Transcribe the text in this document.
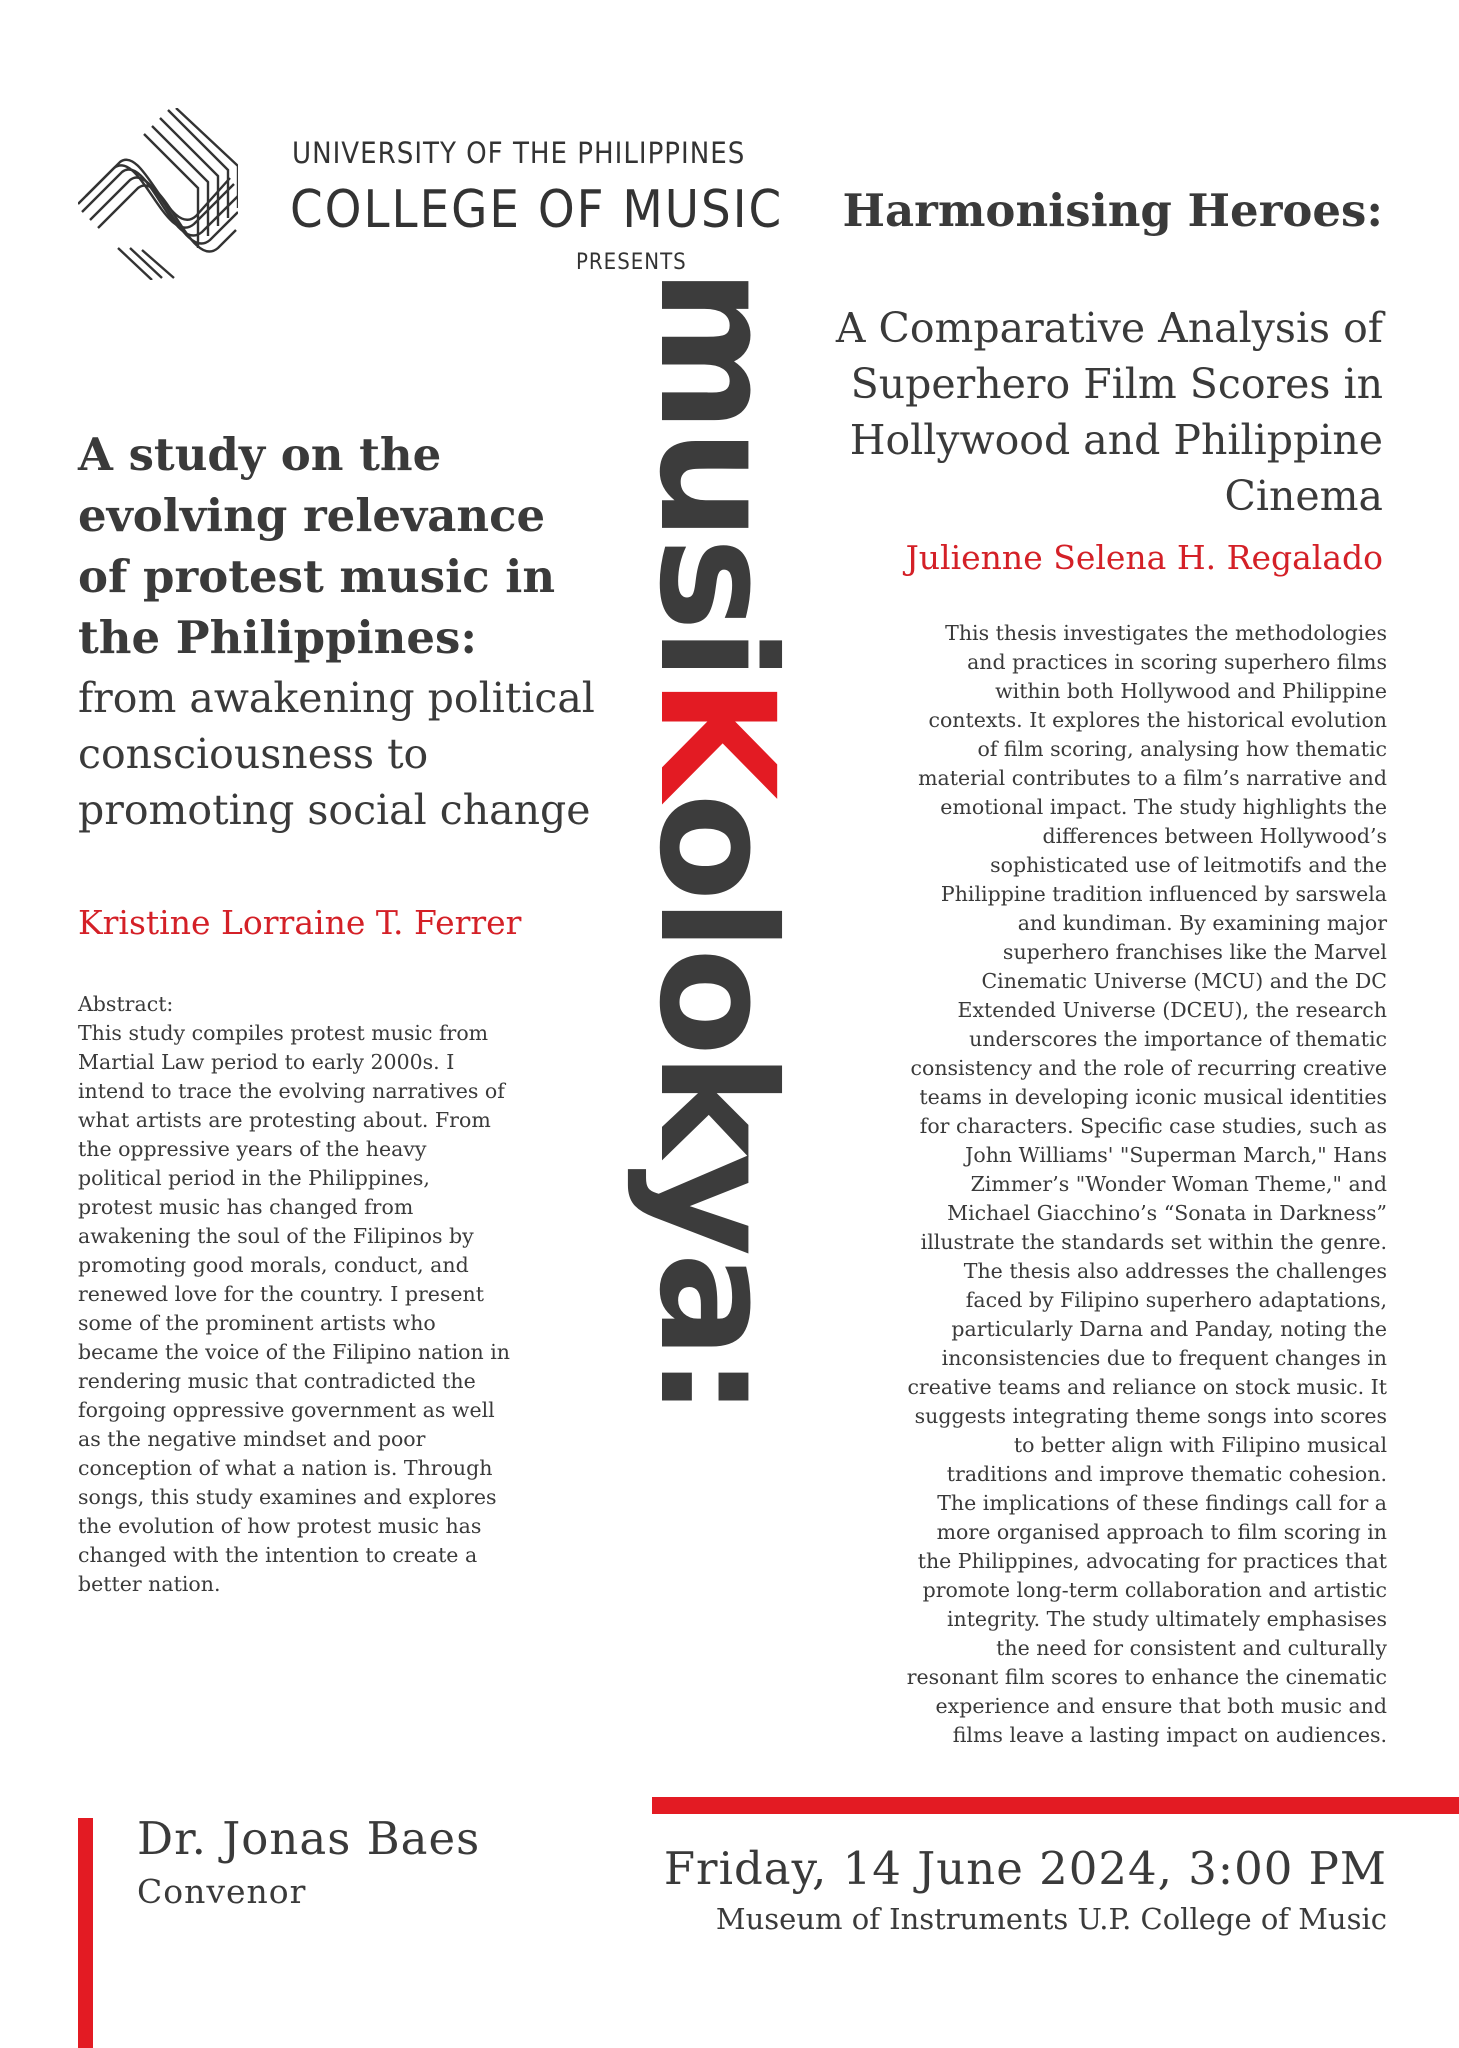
UNIVERSITY OF THE PHILIPPINES
COLLEGE OF MUSIC
PRESENTS
musiKolokya:
A study on the evolving relevance of protest music in the Philippines:
from awakening political consciousness to promoting social change
Kristine Lorraine T. Ferrer
Abstract:
This study compiles protest music from
Martial Law period to early 2000s. I
intend to trace the evolving narratives of
what artists are protesting about. From
the oppressive years of the heavy
political period in the Philippines,
protest music has changed from
awakening the soul of the Filipinos by
promoting good morals, conduct, and
renewed love for the country. I present
some of the prominent artists who
became the voice of the Filipino nation in
rendering music that contradicted the
forgoing oppressive government as well
as the negative mindset and poor
conception of what a nation is. Through
songs, this study examines and explores
the evolution of how protest music has
changed with the intention to create a
better nation.
Harmonising Heroes:
A Comparative Analysis of Superhero Film Scores in Hollywood and Philippine Cinema
Julienne Selena H. Regalado
This thesis investigates the methodologies
and practices in scoring superhero films
within both Hollywood and Philippine
contexts. It explores the historical evolution
of film scoring, analysing how thematic
material contributes to a film’s narrative and
emotional impact. The study highlights the
differences between Hollywood’s
sophisticated use of leitmotifs and the
Philippine tradition influenced by sarswela
and kundiman. By examining major
superhero franchises like the Marvel
Cinematic Universe (MCU) and the DC
Extended Universe (DCEU), the research
underscores the importance of thematic
consistency and the role of recurring creative
teams in developing iconic musical identities
for characters. Specific case studies, such as
John Williams' "Superman March," Hans
Zimmer’s "Wonder Woman Theme," and
Michael Giacchino’s “Sonata in Darkness”
illustrate the standards set within the genre.
The thesis also addresses the challenges
faced by Filipino superhero adaptations,
particularly Darna and Panday, noting the
inconsistencies due to frequent changes in
creative teams and reliance on stock music. It
suggests integrating theme songs into scores
to better align with Filipino musical
traditions and improve thematic cohesion.
The implications of these findings call for a
more organised approach to film scoring in
the Philippines, advocating for practices that
promote long-term collaboration and artistic
integrity. The study ultimately emphasises
the need for consistent and culturally
resonant film scores to enhance the cinematic
experience and ensure that both music and
films leave a lasting impact on audiences.
Dr. Jonas Baes
Convenor	Friday, 14 June 2024, 3:00 PM
Museum of Instruments U.P. College of Music
